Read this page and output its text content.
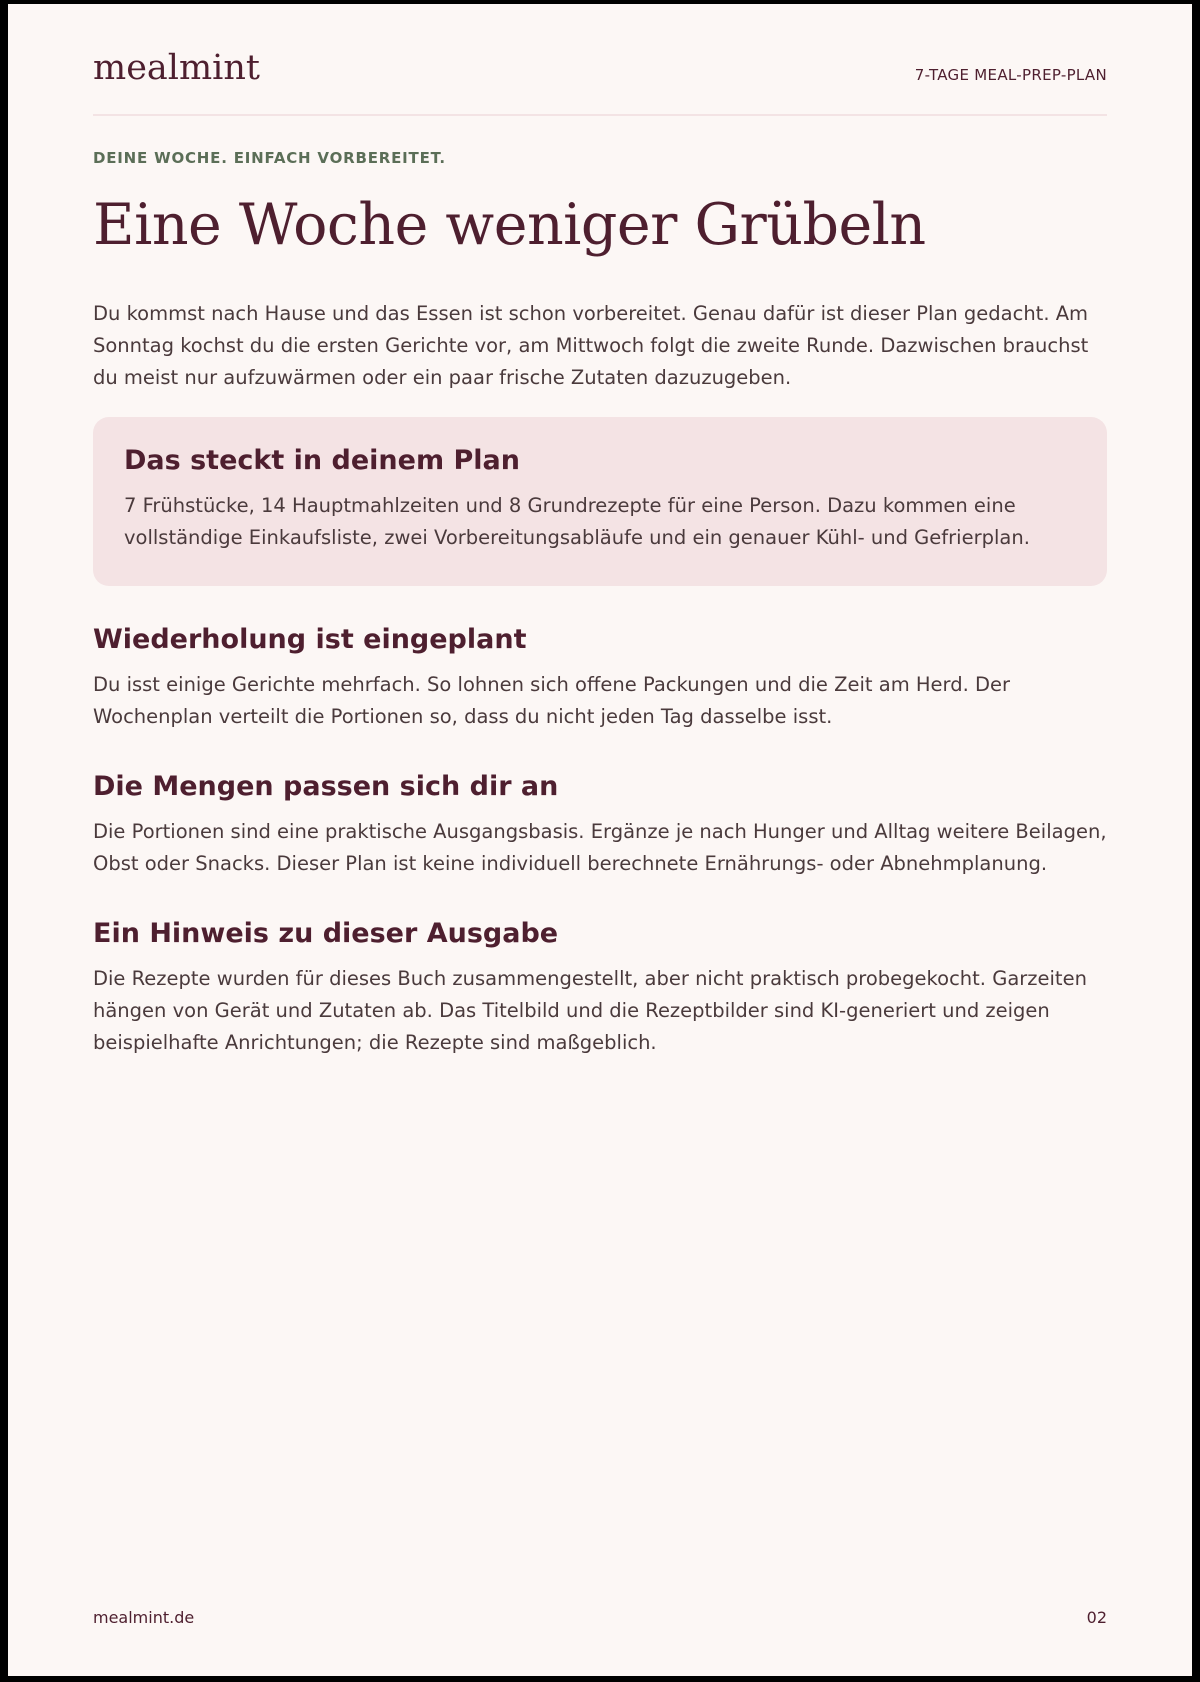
mealmint	7-TAGE MEAL-PREP-PLAN

DEINE WOCHE. EINFACH VORBEREITET.

Eine Woche weniger Grübeln

Du kommst nach Hause und das Essen ist schon vorbereitet. Genau dafür ist dieser Plan gedacht. Am Sonntag kochst du die ersten Gerichte vor, am Mittwoch folgt die zweite Runde. Dazwischen brauchst du meist nur aufzuwärmen oder ein paar frische Zutaten dazuzugeben.

Das steckt in deinem Plan

7 Frühstücke, 14 Hauptmahlzeiten und 8 Grundrezepte für eine Person. Dazu kommen eine vollständige Einkaufsliste, zwei Vorbereitungsabläufe und ein genauer Kühl- und Gefrierplan.

Wiederholung ist eingeplant

Du isst einige Gerichte mehrfach. So lohnen sich offene Packungen und die Zeit am Herd. Der Wochenplan verteilt die Portionen so, dass du nicht jeden Tag dasselbe isst.

Die Mengen passen sich dir an

Die Portionen sind eine praktische Ausgangsbasis. Ergänze je nach Hunger und Alltag weitere Beilagen, Obst oder Snacks. Dieser Plan ist keine individuell berechnete Ernährungs- oder Abnehmplanung.

Ein Hinweis zu dieser Ausgabe

Die Rezepte wurden für dieses Buch zusammengestellt, aber nicht praktisch probegekocht. Garzeiten hängen von Gerät und Zutaten ab. Das Titelbild und die Rezeptbilder sind KI-generiert und zeigen beispielhafte Anrichtungen; die Rezepte sind maßgeblich.

mealmint.de	02
